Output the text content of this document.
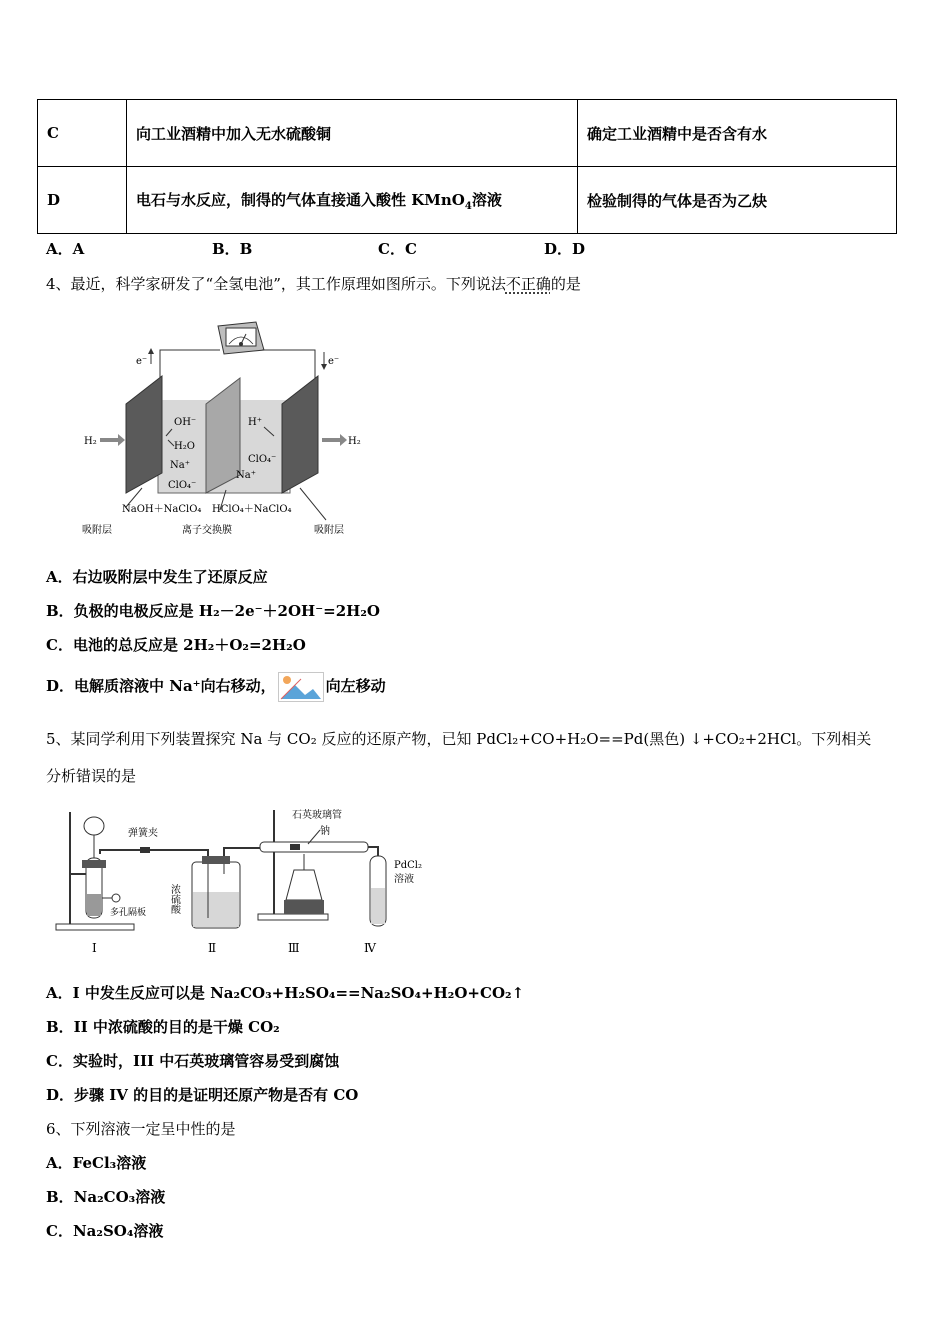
C	向工业酒精中加入无水硫酸铜	确定工业酒精中是否含有水
D	电石与水反应，制得的气体直接通入酸性 KMnO$_4$溶液	检验制得的气体是否为乙炔
A．A	B．B	C．C	D．D
4、最近，科学家研发了“全氢电池”，其工作原理如图所示。下列说法不正确的是
e⁻	e⁻
H₂	H₂
OH⁻
H₂O
Na⁺
ClO₄⁻
H⁺
ClO₄⁻
Na⁺
NaOH＋NaClO₄ HClO₄＋NaClO₄
吸附层	离子交换膜	吸附层
A．右边吸附层中发生了还原反应
B．负极的电极反应是 H₂－2e⁻＋2OH⁻=2H₂O
C．电池的总反应是 2H₂＋O₂=2H₂O
D．电解质溶液中 Na⁺向右移动，	向左移动
5、某同学利用下列装置探究 Na 与 CO₂ 反应的还原产物，已知 PdCl₂+CO+H₂O==Pd(黑色) ↓+CO₂+2HCl。下列相关
分析错误的是
多孔隔板
弹簧夹
浓硫酸
石英玻璃管
钠
PdCl₂
溶液
Ⅰ	Ⅱ	Ⅲ	Ⅳ
A．I 中发生反应可以是 Na₂CO₃+H₂SO₄==Na₂SO₄+H₂O+CO₂↑
B．II 中浓硫酸的目的是干燥 CO₂
C．实验时，III 中石英玻璃管容易受到腐蚀
D．步骤 IV 的目的是证明还原产物是否有 CO
6、下列溶液一定呈中性的是
A．FeCl₃溶液
B．Na₂CO₃溶液
C．Na₂SO₄溶液
